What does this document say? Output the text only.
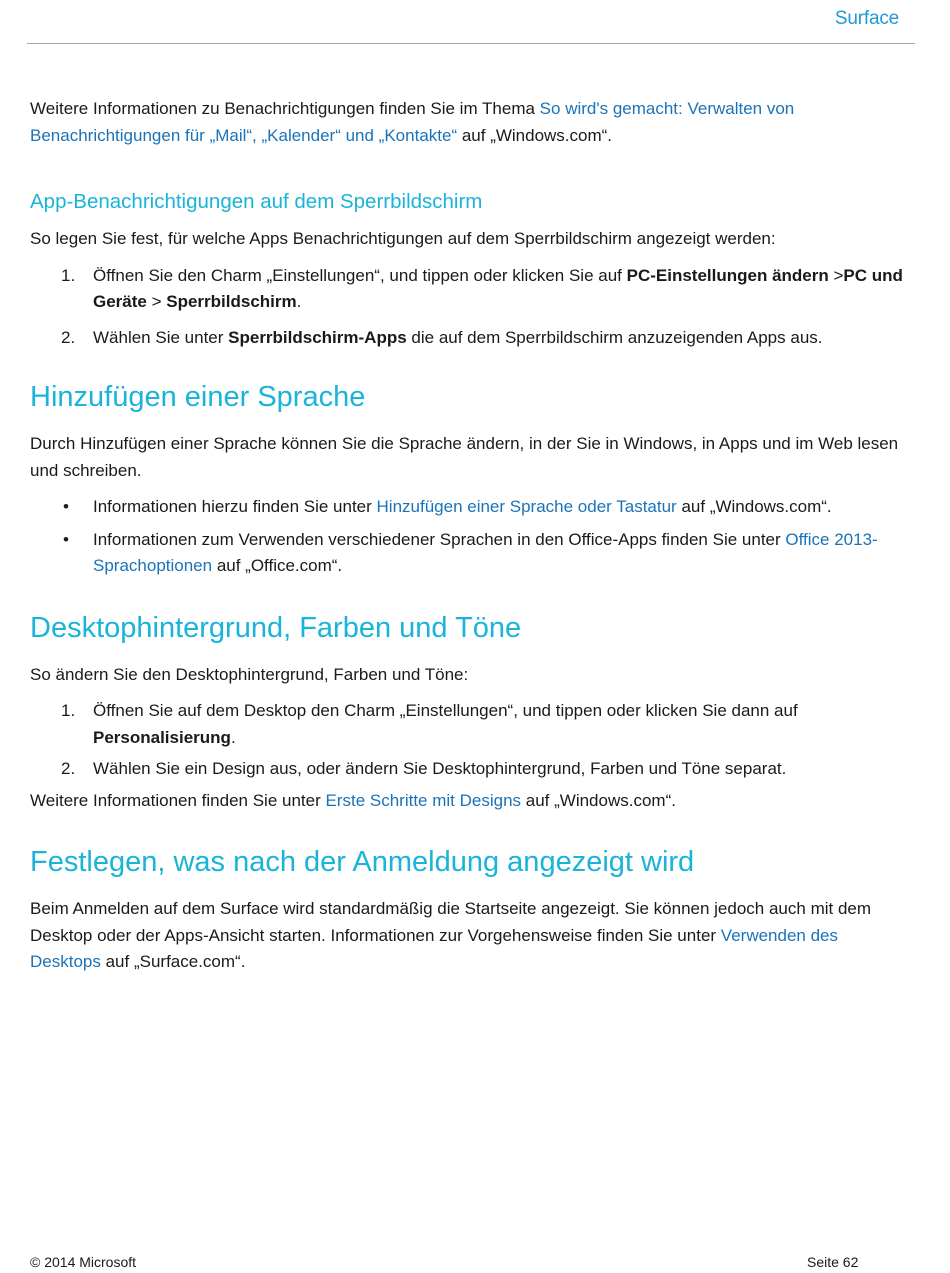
Surface

Weitere Informationen zu Benachrichtigungen finden Sie im Thema So wird's gemacht: Verwalten von Benachrichtigungen für „Mail“, „Kalender“ und „Kontakte“ auf „Windows.com“.

App-Benachrichtigungen auf dem Sperrbildschirm

So legen Sie fest, für welche Apps Benachrichtigungen auf dem Sperrbildschirm angezeigt werden:

1. Öffnen Sie den Charm „Einstellungen“, und tippen oder klicken Sie auf PC-Einstellungen ändern >PC und Geräte > Sperrbildschirm.
2. Wählen Sie unter Sperrbildschirm-Apps die auf dem Sperrbildschirm anzuzeigenden Apps aus.
Hinzufügen einer Sprache

Durch Hinzufügen einer Sprache können Sie die Sprache ändern, in der Sie in Windows, in Apps und im Web lesen und schreiben.

• Informationen hierzu finden Sie unter Hinzufügen einer Sprache oder Tastatur auf „Windows.com“.
• Informationen zum Verwenden verschiedener Sprachen in den Office-Apps finden Sie unter Office 2013-Sprachoptionen auf „Office.com“.
Desktophintergrund, Farben und Töne

So ändern Sie den Desktophintergrund, Farben und Töne:

1. Öffnen Sie auf dem Desktop den Charm „Einstellungen“, und tippen oder klicken Sie dann auf Personalisierung.
2. Wählen Sie ein Design aus, oder ändern Sie Desktophintergrund, Farben und Töne separat.

Weitere Informationen finden Sie unter Erste Schritte mit Designs auf „Windows.com“.

Festlegen, was nach der Anmeldung angezeigt wird

Beim Anmelden auf dem Surface wird standardmäßig die Startseite angezeigt. Sie können jedoch auch mit dem Desktop oder der Apps-Ansicht starten. Informationen zur Vorgehensweise finden Sie unter Verwenden des Desktops auf „Surface.com“.

© 2014 Microsoft	Seite 62
